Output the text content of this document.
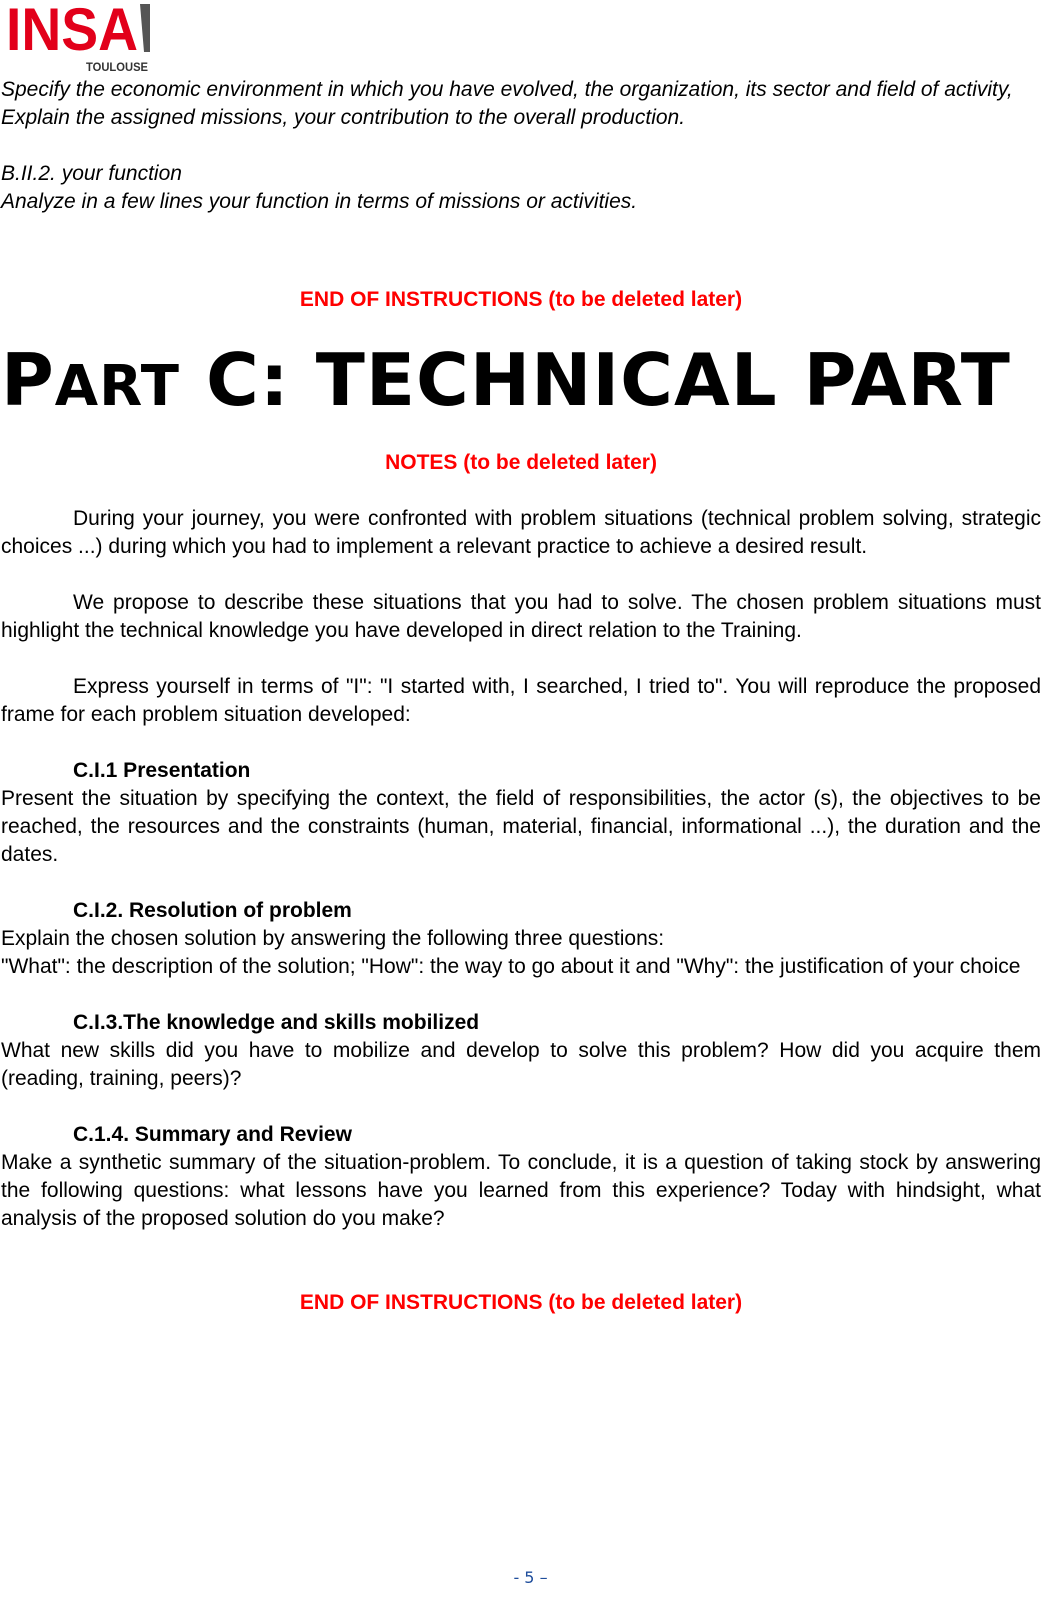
INSA
TOULOUSE

Specify the economic environment in which you have evolved, the organization, its sector and field of activity,

Explain the assigned missions, your contribution to the overall production.

B.II.2. your function

Analyze in a few lines your function in terms of missions or activities.

END OF INSTRUCTIONS (to be deleted later)

PART C: TECHNICAL PART

NOTES (to be deleted later)

During your journey, you were confronted with problem situations (technical problem solving, strategic choices ...) during which you had to implement a relevant practice to achieve a desired result.

We propose to describe these situations that you had to solve. The chosen problem situations must highlight the technical knowledge you have developed in direct relation to the Training.

Express yourself in terms of "I": "I started with, I searched, I tried to". You will reproduce the proposed frame for each problem situation developed:

C.I.1 Presentation

Present the situation by specifying the context, the field of responsibilities, the actor (s), the objectives to be reached, the resources and the constraints (human, material, financial, informational ...), the duration and the dates.

C.I.2. Resolution of problem

Explain the chosen solution by answering the following three questions:

"What": the description of the solution; "How": the way to go about it and "Why": the justification of your choice

C.I.3.The knowledge and skills mobilized

What new skills did you have to mobilize and develop to solve this problem? How did you acquire them (reading, training, peers)?

C.1.4. Summary and Review

Make a synthetic summary of the situation-problem. To conclude, it is a question of taking stock by answering the following questions: what lessons have you learned from this experience? Today with hindsight, what analysis of the proposed solution do you make?

END OF INSTRUCTIONS (to be deleted later)

- 5 –
